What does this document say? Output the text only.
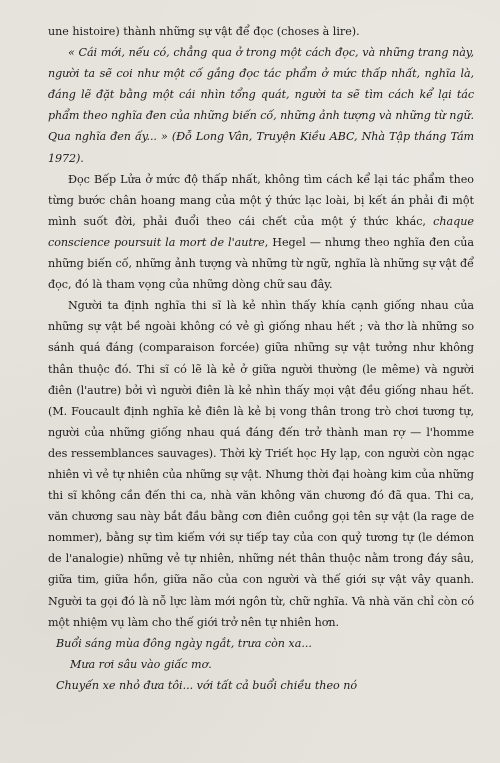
une histoire) thành những sự vật để đọc (choses à lire).

« Cái mới, nếu có, chẳng qua ở trong một cách đọc, và những trang này, người ta sẽ coi như một cố gắng đọc tác phẩm ở mức thấp nhất, nghĩa là, đáng lẽ đặt bằng một cái nhìn tổng quát, người ta sẽ tìm cách kể lại tác phẩm theo nghĩa đen của những biến cố, những ảnh tượng và những từ ngữ. Qua nghĩa đen ấy... » (Đỗ Long Vân, Truyện Kiều ABC, Nhà Tập tháng Tám 1972).

Đọc Bếp Lửa ở mức độ thấp nhất, không tìm cách kể lại tác phẩm theo từng bước chân hoang mang của một ý thức lạc loài, bị kết án phải đi một mình suốt đời, phải đuổi theo cái chết của một ý thức khác, chaque conscience poursuit la mort de l'autre, Hegel — nhưng theo nghĩa đen của những biến cố, những ảnh tượng và những từ ngữ, nghĩa là những sự vật để đọc, đó là tham vọng của những dòng chữ sau đây.

Người ta định nghĩa thi sĩ là kẻ nhìn thấy khía cạnh giống nhau của những sự vật bề ngoài không có vẻ gì giống nhau hết ; và thơ là những so sánh quá đáng (comparaison forcée) giữa những sự vật tưởng như không thân thuộc đó. Thi sĩ có lẽ là kẻ ở giữa người thường (le même) và người điên (l'autre) bởi vì người điên là kẻ nhìn thấy mọi vật đều giống nhau hết. (M. Foucault định nghĩa kẻ điên là kẻ bị vong thân trong trò chơi tương tự, người của những giống nhau quá đáng đến trở thành man rợ — l'homme des ressemblances sauvages). Thời kỳ Triết học Hy lạp, con người còn ngạc nhiên vì vẻ tự nhiên của những sự vật. Nhưng thời đại hoàng kim của những thi sĩ không cần đến thi ca, nhà văn không văn chương đó đã qua. Thi ca, văn chương sau này bắt đầu bằng cơn điên cuồng gọi tên sự vật (la rage de nommer), bằng sự tìm kiếm với sự tiếp tay của con quỷ tương tự (le démon de l'analogie) những vẻ tự nhiên, những nét thân thuộc nằm trong đáy sâu, giữa tim, giữa hồn, giữa não của con người và thế giới sự vật vây quanh. Người ta gọi đó là nỗ lực làm mới ngôn từ, chữ nghĩa. Và nhà văn chỉ còn có một nhiệm vụ làm cho thế giới trở nên tự nhiên hơn.

Buổi sáng mùa đông ngày ngắt, trưa còn xa...

Mưa rơi sâu vào giấc mơ.

Chuyến xe nhỏ đưa tôi... với tất cả buổi chiều theo nó
